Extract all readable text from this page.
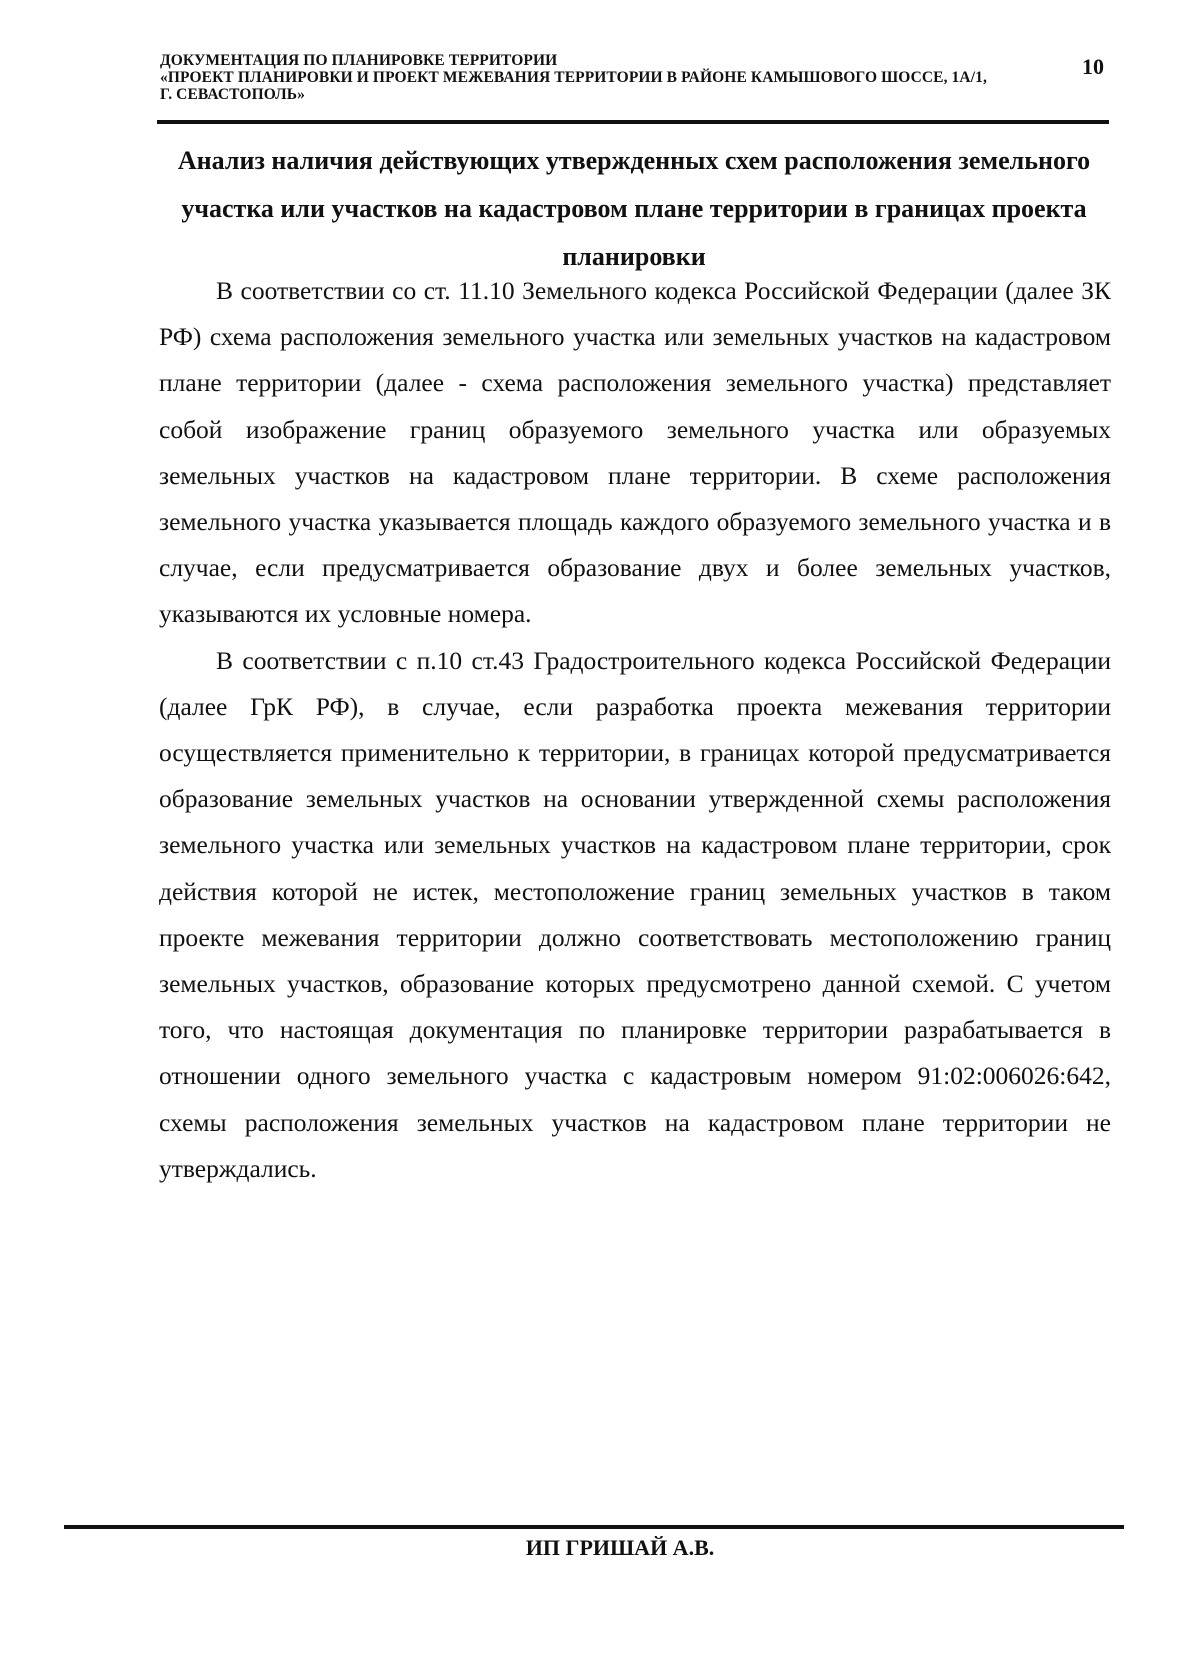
ДОКУМЕНТАЦИЯ ПО ПЛАНИРОВКЕ ТЕРРИТОРИИ
«ПРОЕКТ ПЛАНИРОВКИ И ПРОЕКТ МЕЖЕВАНИЯ ТЕРРИТОРИИ В РАЙОНЕ КАМЫШОВОГО ШОССЕ, 1А/1,
Г. СЕВАСТОПОЛЬ»
10
Анализ наличия действующих утвержденных схем расположения земельного участка или участков на кадастровом плане территории в границах проекта планировки

В соответствии со ст. 11.10 Земельного кодекса Российской Федерации (далее ЗК РФ) схема расположения земельного участка или земельных участков на кадастровом плане территории (далее - схема расположения земельного участка) представляет собой изображение границ образуемого земельного участка или образуемых земельных участков на кадастровом плане территории. В схеме расположения земельного участка указывается площадь каждого образуемого земельного участка и в случае, если предусматривается образование двух и более земельных участков, указываются их условные номера.

В соответствии с п.10 ст.43 Градостроительного кодекса Российской Федерации (далее ГрК РФ), в случае, если разработка проекта межевания территории осуществляется применительно к территории, в границах которой предусматривается образование земельных участков на основании утвержденной схемы расположения земельного участка или земельных участков на кадастровом плане территории, срок действия которой не истек, местоположение границ земельных участков в таком проекте межевания территории должно соответствовать местоположению границ земельных участков, образование которых предусмотрено данной схемой. С учетом того, что настоящая документация по планировке территории разрабатывается в отношении одного земельного участка с кадастровым номером 91:02:006026:642, схемы расположения земельных участков на кадастровом плане территории не утверждались.

ИП ГРИШАЙ А.В.
